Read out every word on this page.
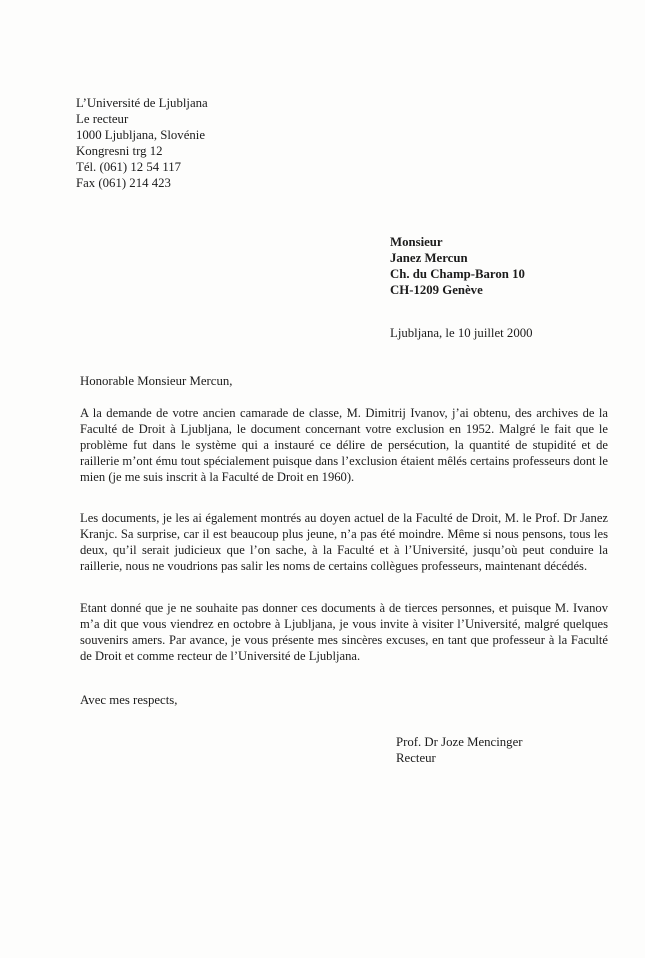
L’Université de Ljubljana
Le recteur
1000 Ljubljana, Slovénie
Kongresni trg 12
Tél. (061) 12 54 117
Fax (061) 214 423
Monsieur
Janez Mercun
Ch. du Champ-Baron 10
CH-1209 Genève
Ljubljana, le 10 juillet 2000
Honorable Monsieur Mercun,

A la demande de votre ancien camarade de classe, M. Dimitrij Ivanov, j’ai obtenu, des archives de la Faculté de Droit à Ljubljana, le document concernant votre exclusion en 1952. Malgré le fait que le problème fut dans le système qui a instauré ce délire de persécution, la quantité de stupidité et de raillerie m’ont ému tout spécialement puisque dans l’exclusion étaient mêlés certains professeurs dont le mien (je me suis inscrit à la Faculté de Droit en 1960).

Les documents, je les ai également montrés au doyen actuel de la Faculté de Droit, M. le Prof. Dr Janez Kranjc. Sa surprise, car il est beaucoup plus jeune, n’a pas été moindre. Même si nous pensons, tous les deux, qu’il serait judicieux que l’on sache, à la Faculté et à l’Université, jusqu’où peut conduire la raillerie, nous ne voudrions pas salir les noms de certains collègues professeurs, maintenant décédés.

Etant donné que je ne souhaite pas donner ces documents à de tierces personnes, et puisque M. Ivanov m’a dit que vous viendrez en octobre à Ljubljana, je vous invite à visiter l’Université, malgré quelques souvenirs amers. Par avance, je vous présente mes sincères excuses, en tant que professeur à la Faculté de Droit et comme recteur de l’Université de Ljubljana.

Avec mes respects,
Prof. Dr Joze Mencinger
Recteur
